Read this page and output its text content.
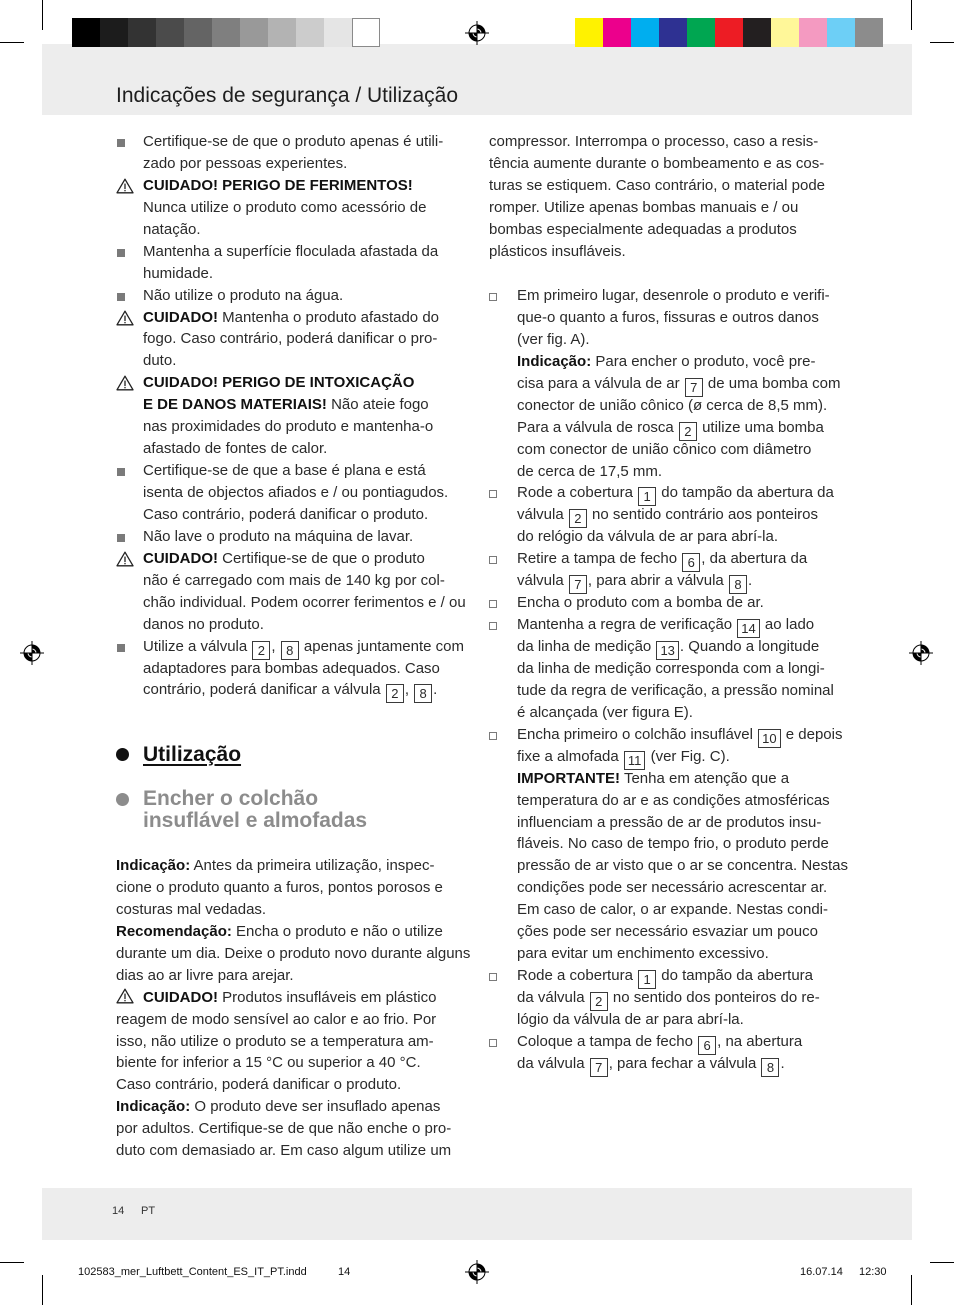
Indicações de segurança / Utilização
Certifique-se de que o produto apenas é utili-
zado por pessoas experientes.
CUIDADO! PERIGO DE FERIMENTOS!
Nunca utilize o produto como acessório de
natação.
Mantenha a superfície floculada afastada da
humidade.
Não utilize o produto na água.
CUIDADO! Mantenha o produto afastado do
fogo. Caso contrário, poderá danificar o pro-
duto.
CUIDADO! PERIGO DE INTOXICAÇÃO
E DE DANOS MATERIAIS! Não ateie fogo
nas proximidades do produto e mantenha-o
afastado de fontes de calor.
Certifique-se de que a base é plana e está
isenta de objectos afiados e / ou pontiagudos.
Caso contrário, poderá danificar o produto.
Não lave o produto na máquina de lavar.
CUIDADO! Certifique-se de que o produto
não é carregado com mais de 140 kg por col-
chão individual. Podem ocorrer ferimentos e / ou
danos no produto.
Utilize a válvula 2 , 8 apenas juntamente com
adaptadores para bombas adequados. Caso
contrário, poderá danificar a válvula 2 , 8 .
Utilização
Encher o colchão
insuflável e almofadas
Indicação: Antes da primeira utilização, inspec-
cione o produto quanto a furos, pontos porosos e
costuras mal vedadas.
Recomendação: Encha o produto e não o utilize
durante um dia. Deixe o produto novo durante alguns
dias ao ar livre para arejar.
CUIDADO! Produtos insufláveis em plástico
reagem de modo sensível ao calor e ao frio. Por
isso, não utilize o produto se a temperatura am-
biente for inferior a 15 °C ou superior a 40 °C.
Caso contrário, poderá danificar o produto.
Indicação: O produto deve ser insuflado apenas
por adultos. Certifique-se de que não enche o pro-
duto com demasiado ar. Em caso algum utilize um
compressor. Interrompa o processo, caso a resis-
tência aumente durante o bombeamento e as cos-
turas se estiquem. Caso contrário, o material pode
romper. Utilize apenas bombas manuais e / ou
bombas especialmente adequadas a produtos
plásticos insufláveis.
Em primeiro lugar, desenrole o produto e verifi-
que-o quanto a furos, fissuras e outros danos
(ver fig. A).
Indicação: Para encher o produto, você pre-
cisa para a válvula de ar 7 de uma bomba com
conector de união cônico (ø cerca de 8,5 mm).
Para a válvula de rosca 2 utilize uma bomba
com conector de união cônico com diâmetro
de cerca de 17,5 mm.
Rode a cobertura 1 do tampão da abertura da
válvula 2 no sentido contrário aos ponteiros
do relógio da válvula de ar para abrí-la.
Retire a tampa de fecho 6 , da abertura da
válvula 7 , para abrir a válvula 8 .
Encha o produto com a bomba de ar.
Mantenha a regra de verificação 14 ao lado
da linha de medição 13 . Quando a longitude
da linha de medição corresponda com a longi-
tude da regra de verificação, a pressão nominal
é alcançada (ver figura E).
Encha primeiro o colchão insuflável 10 e depois
fixe a almofada 11 (ver Fig. C).
IMPORTANTE! Tenha em atenção que a
temperatura do ar e as condições atmosféricas
influenciam a pressão de ar de produtos insu-
fláveis. No caso de tempo frio, o produto perde
pressão de ar visto que o ar se concentra. Nestas
condições pode ser necessário acrescentar ar.
Em caso de calor, o ar expande. Nestas condi-
ções pode ser necessário esvaziar um pouco
para evitar um enchimento excessivo.
Rode a cobertura 1 do tampão da abertura
da válvula 2 no sentido dos ponteiros do re-
lógio da válvula de ar para abrí-la.
Coloque a tampa de fecho 6 , na abertura
da válvula 7 , para fechar a válvula 8 .
14 PT
102583_mer_Luftbett_Content_ES_IT_PT.indd	14	16.07.14 12:30
